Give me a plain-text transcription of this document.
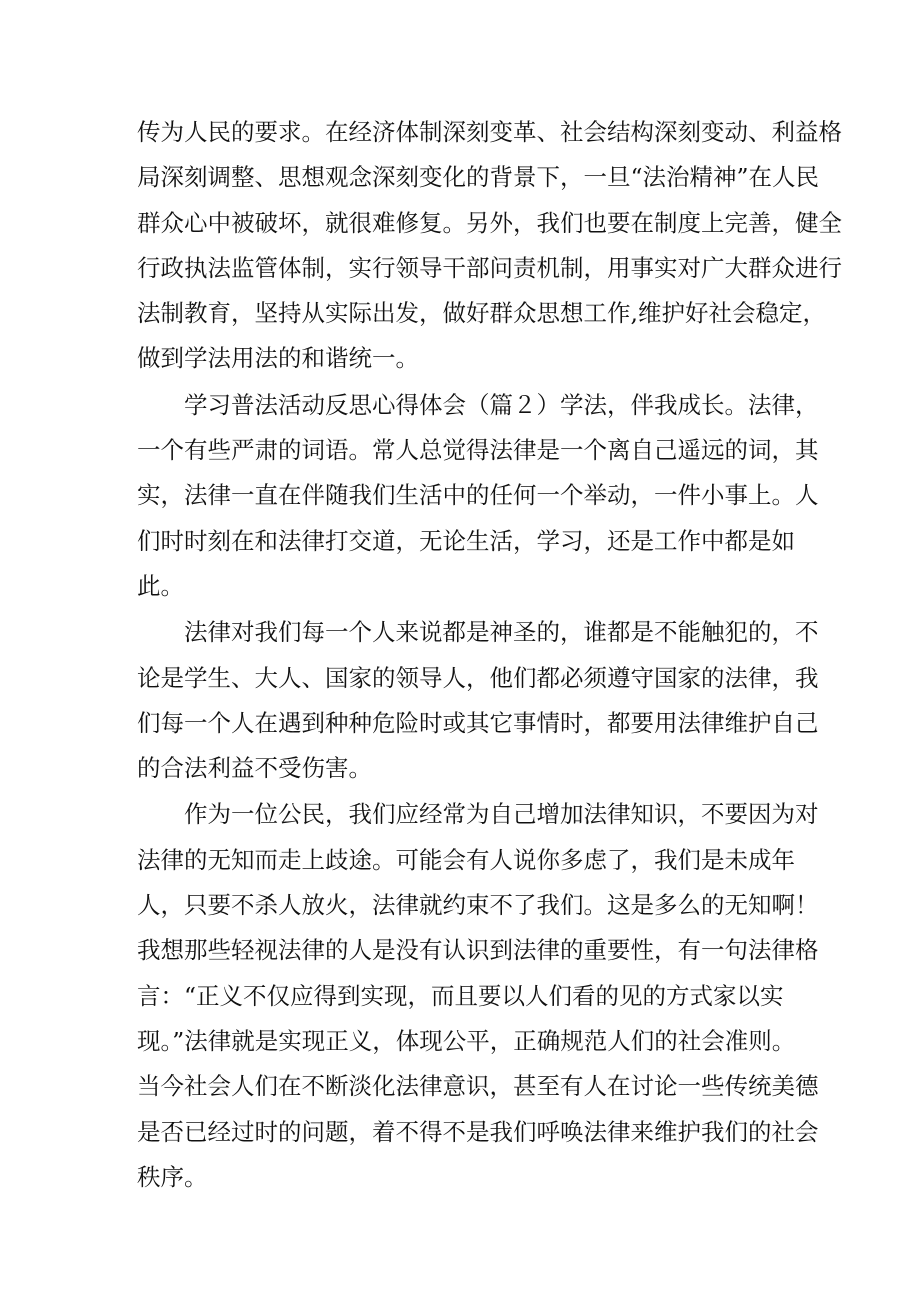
传为人民的要求。在经济体制深刻变革、社会结构深刻变动、利益格
局深刻调整、思想观念深刻变化的背景下，一旦“法治精神”在人民
群众心中被破坏，就很难修复。另外，我们也要在制度上完善，健全
行政执法监管体制，实行领导干部问责机制，用事实对广大群众进行
法制教育，坚持从实际出发，做好群众思想工作,维护好社会稳定，
做到学法用法的和谐统一。
　　学习普法活动反思心得体会（篇２）学法，伴我成长。法律，
一个有些严肃的词语。常人总觉得法律是一个离自己遥远的词，其
实，法律一直在伴随我们生活中的任何一个举动，一件小事上。人
们时时刻在和法律打交道，无论生活，学习，还是工作中都是如
此。
　　法律对我们每一个人来说都是神圣的，谁都是不能触犯的，不
论是学生、大人、国家的领导人，他们都必须遵守国家的法律，我
们每一个人在遇到种种危险时或其它事情时，都要用法律维护自己
的合法利益不受伤害。
　　作为一位公民，我们应经常为自己增加法律知识，不要因为对
法律的无知而走上歧途。可能会有人说你多虑了，我们是未成年
人，只要不杀人放火，法律就约束不了我们。这是多么的无知啊！
我想那些轻视法律的人是没有认识到法律的重要性，有一句法律格
言：“正义不仅应得到实现，而且要以人们看的见的方式家以实
现。”法律就是实现正义，体现公平，正确规范人们的社会准则。
当今社会人们在不断淡化法律意识，甚至有人在讨论一些传统美德
是否已经过时的问题，着不得不是我们呼唤法律来维护我们的社会
秩序。
